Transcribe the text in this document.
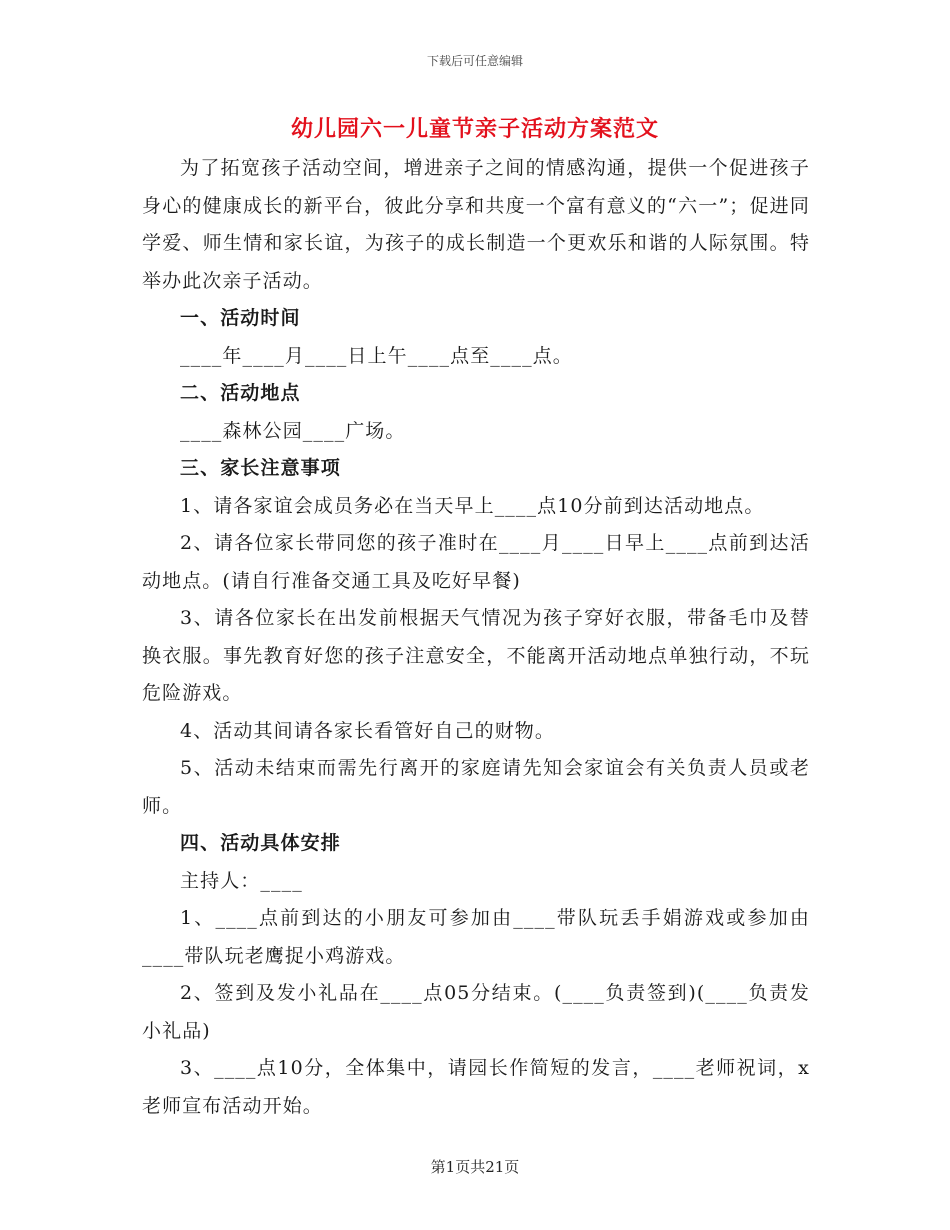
下载后可任意编辑
幼儿园六一儿童节亲子活动方案范文

为了拓宽孩子活动空间，增进亲子之间的情感沟通，提供一个促进孩子身心的健康成长的新平台，彼此分享和共度一个富有意义的“六一”；促进同学爱、师生情和家长谊，为孩子的成长制造一个更欢乐和谐的人际氛围。特举办此次亲子活动。

一、活动时间

____年____月____日上午____点至____点。

二、活动地点

____森林公园____广场。

三、家长注意事项

1、请各家谊会成员务必在当天早上____点10分前到达活动地点。

2、请各位家长带同您的孩子准时在____月____日早上____点前到达活动地点。(请自行准备交通工具及吃好早餐)

3、请各位家长在出发前根据天气情况为孩子穿好衣服，带备毛巾及替换衣服。事先教育好您的孩子注意安全，不能离开活动地点单独行动，不玩危险游戏。

4、活动其间请各家长看管好自己的财物。

5、活动未结束而需先行离开的家庭请先知会家谊会有关负责人员或老师。

四、活动具体安排

主持人：____

1、____点前到达的小朋友可参加由____带队玩丢手娟游戏或参加由____带队玩老鹰捉小鸡游戏。

2、签到及发小礼品在____点05分结束。(____负责签到)(____负责发小礼品)

3、____点10分，全体集中，请园长作简短的发言，____老师祝词，x老师宣布活动开始。

第1页共21页
